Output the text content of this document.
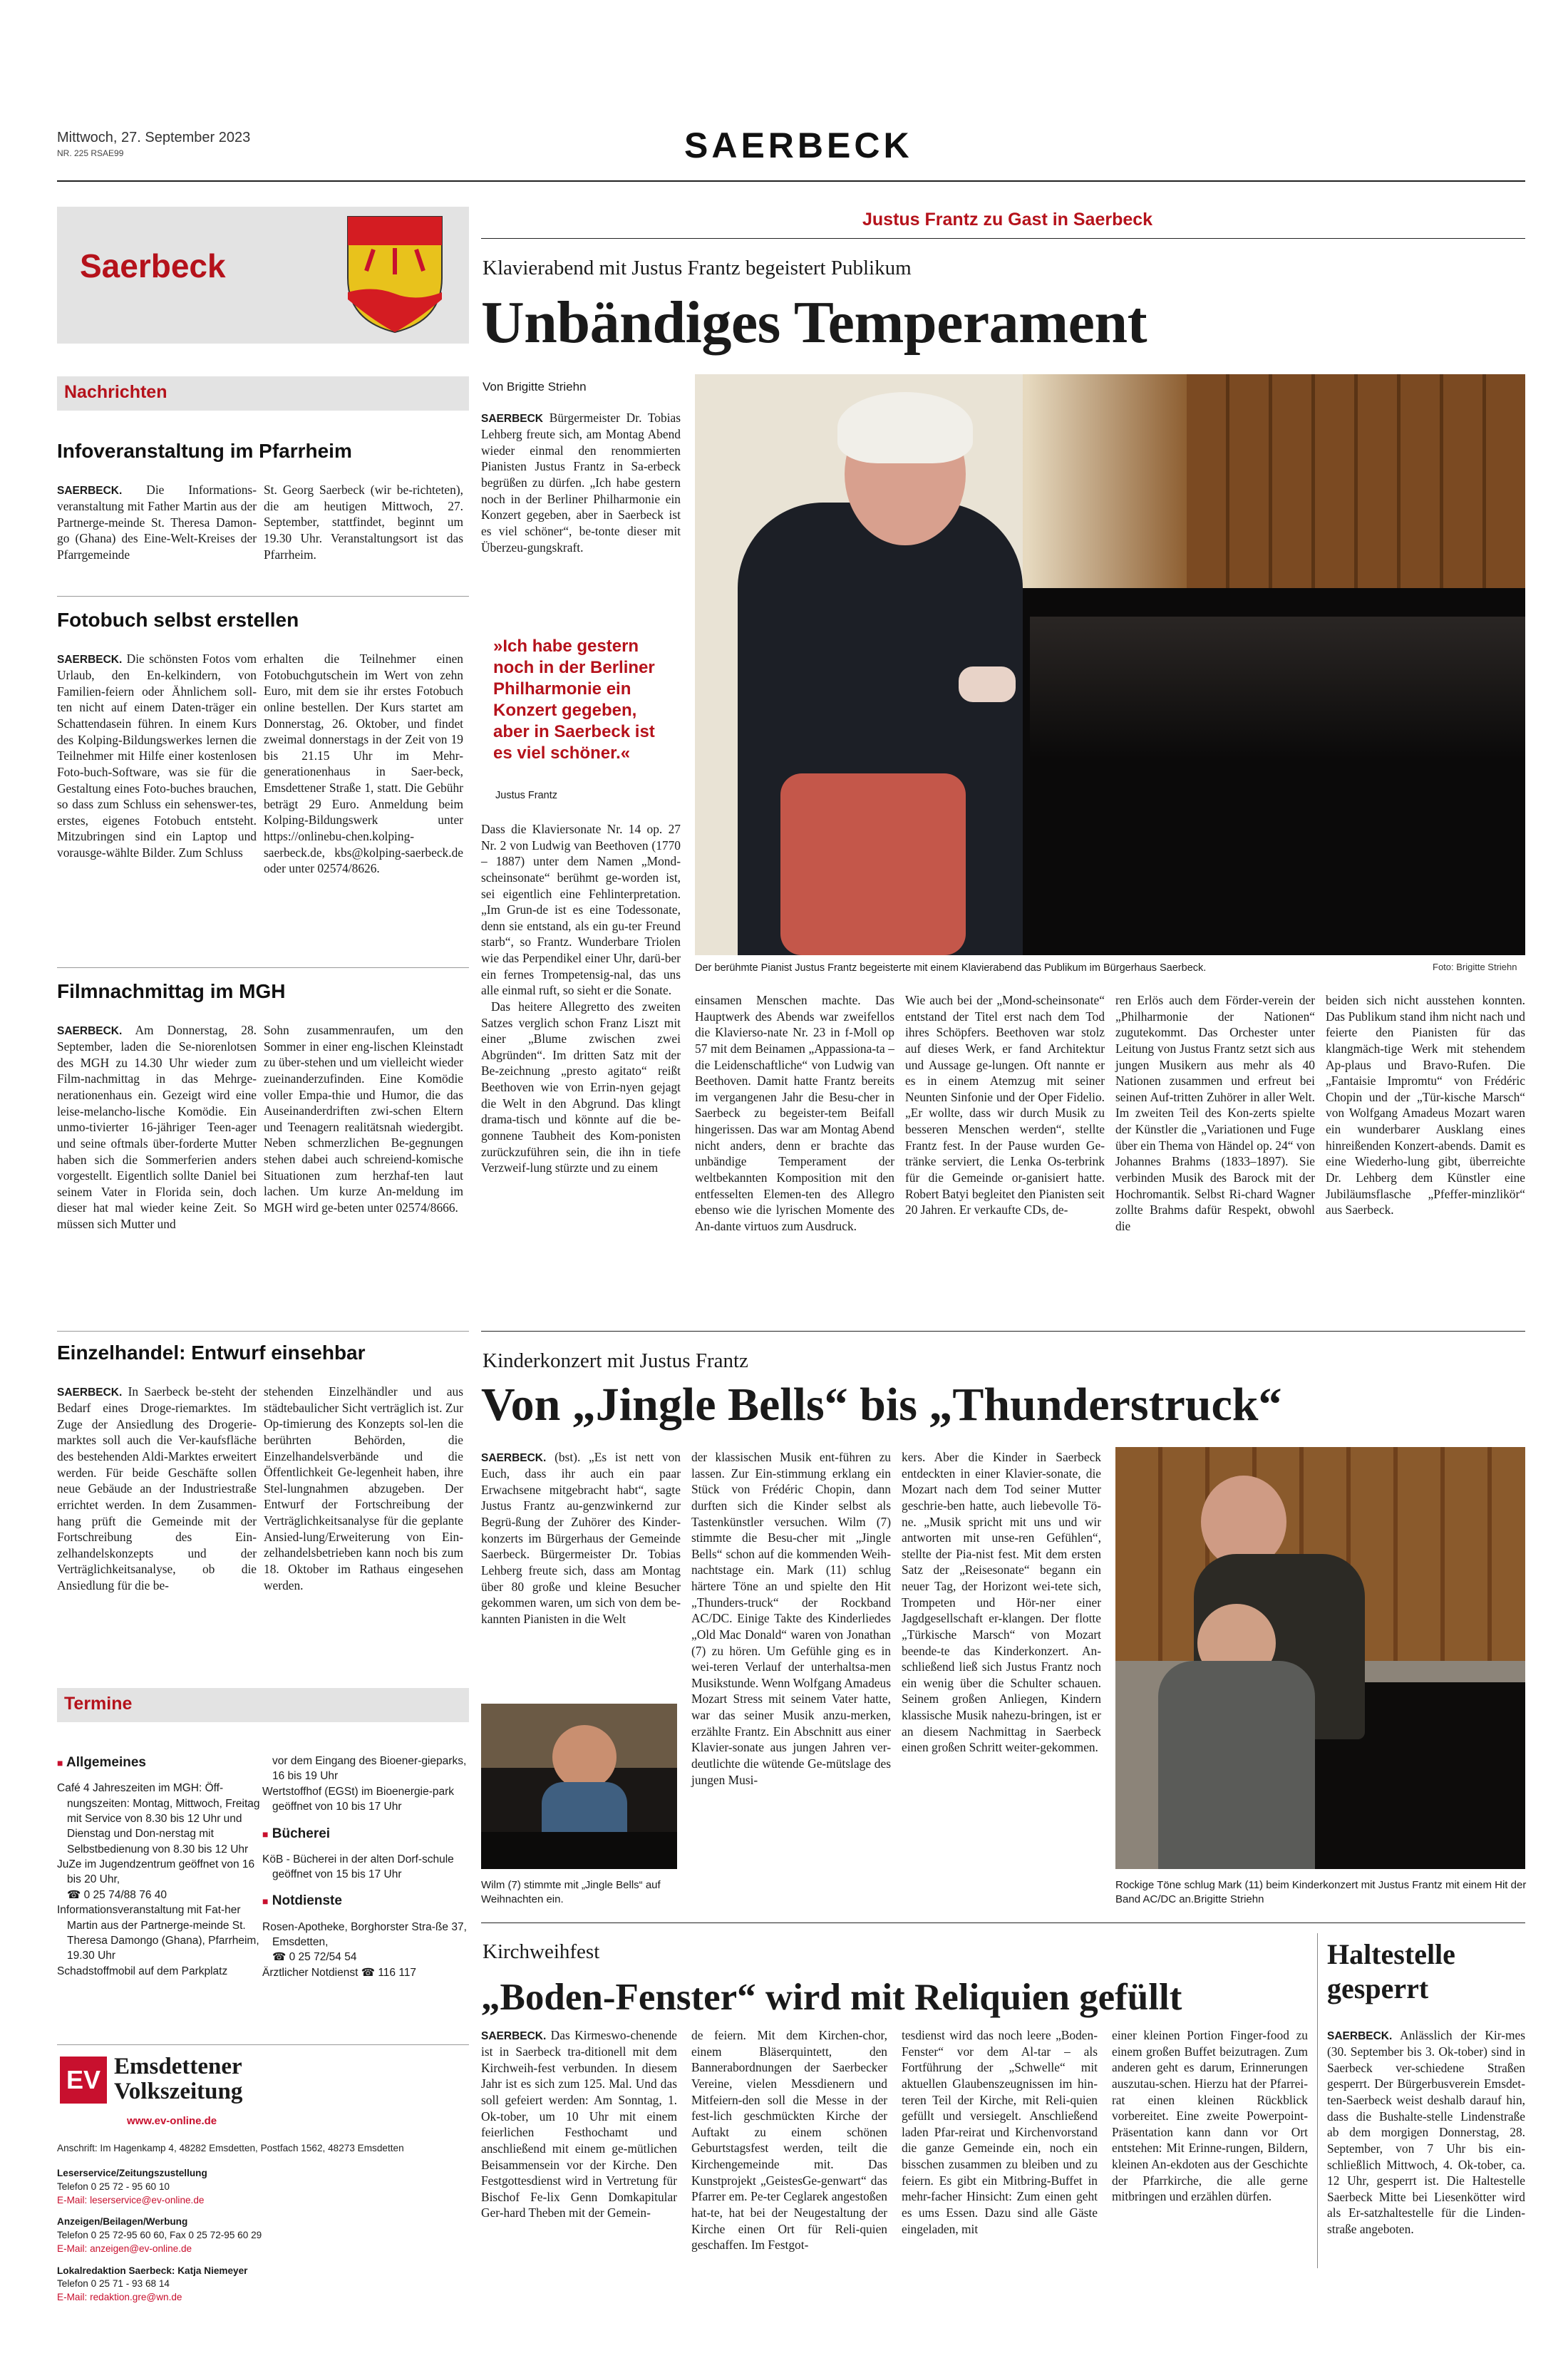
Mittwoch, 27. September 2023
NR. 225 RSAE99	SAERBECK
Saerbeck
Nachrichten
Infoveranstaltung im Pfarrheim

SAERBECK. Die Informations-veranstaltung mit Father Martin aus der Partnerge-meinde St. Theresa Damon-go (Ghana) des Eine-Welt-Kreises der Pfarrgemeinde

St. Georg Saerbeck (wir be-richteten), die am heutigen Mittwoch, 27. September, stattfindet, beginnt um 19.30 Uhr. Veranstaltungsort ist das Pfarrheim.

Fotobuch selbst erstellen

SAERBECK. Die schönsten Fotos vom Urlaub, den En-kelkindern, von Familien-feiern oder Ähnlichem soll-ten nicht auf einem Daten-träger ein Schattendasein führen. In einem Kurs des Kolping-Bildungswerkes lernen die Teilnehmer mit Hilfe einer kostenlosen Foto-buch-Software, was sie für die Gestaltung eines Foto-buches brauchen, so dass zum Schluss ein sehenswer-tes, erstes, eigenes Fotobuch entsteht. Mitzubringen sind ein Laptop und vorausge-wählte Bilder. Zum Schluss

erhalten die Teilnehmer einen Fotobuchgutschein im Wert von zehn Euro, mit dem sie ihr erstes Fotobuch online bestellen. Der Kurs startet am Donnerstag, 26. Oktober, und findet zweimal donnerstags in der Zeit von 19 bis 21.15 Uhr im Mehr-generationenhaus in Saer-beck, Emsdettener Straße 1, statt. Die Gebühr beträgt 29 Euro. Anmeldung beim Kolping-Bildungswerk unter https://onlinebu-chen.kolping-saerbeck.de, kbs@kolping-saerbeck.de oder unter 02574/8626.

Filmnachmittag im MGH

SAERBECK. Am Donnerstag, 28. September, laden die Se-niorenlotsen des MGH zu 14.30 Uhr wieder zum Film-nachmittag in das Mehrge-nerationenhaus ein. Gezeigt wird eine leise-melancho-lische Komödie. Ein unmo-tivierter 16-jähriger Teen-ager und seine oftmals über-forderte Mutter haben sich die Sommerferien anders vorgestellt. Eigentlich sollte Daniel bei seinem Vater in Florida sein, doch dieser hat mal wieder keine Zeit. So müssen sich Mutter und

Sohn zusammenraufen, um den Sommer in einer eng-lischen Kleinstadt zu über-stehen und um vielleicht wieder zueinanderzufinden. Eine Komödie voller Empa-thie und Humor, die das Auseinanderdriften zwi-schen Eltern und Teenagern realitätsnah wiedergibt. Neben schmerzlichen Be-gegnungen stehen dabei auch schreiend-komische Situationen zum herzhaf-ten laut lachen. Um kurze An-meldung im MGH wird ge-beten unter 02574/8666.

Einzelhandel: Entwurf einsehbar

SAERBECK. In Saerbeck be-steht der Bedarf eines Droge-riemarktes. Im Zuge der Ansiedlung des Drogerie-marktes soll auch die Ver-kaufsfläche des bestehenden Aldi-Marktes erweitert werden. Für beide Geschäfte sollen neue Gebäude an der Industriestraße errichtet werden. In dem Zusammen-hang prüft die Gemeinde mit der Fortschreibung des Ein-zelhandelskonzepts und der Verträglichkeitsanalyse, ob die Ansiedlung für die be-

stehenden Einzelhändler und aus städtebaulicher Sicht verträglich ist. Zur Op-timierung des Konzepts sol-len die berührten Behörden, die Einzelhandelsverbände und die Öffentlichkeit Ge-legenheit haben, ihre Stel-lungnahmen abzugeben. Der Entwurf der Fortschreibung der Verträglichkeitsanalyse für die geplante Ansied-lung/Erweiterung von Ein-zelhandelsbetrieben kann noch bis zum 18. Oktober im Rathaus eingesehen werden.

Termine
■ Allgemeines
Café 4 Jahreszeiten im MGH: Öff-nungszeiten: Montag, Mittwoch, Freitag mit Service von 8.30 bis 12 Uhr und Dienstag und Don-nerstag mit Selbstbedienung von 8.30 bis 12 Uhr
JuZe im Jugendzentrum geöffnet von 16 bis 20 Uhr,
☎ 0 25 74/88 76 40
Informationsveranstaltung mit Fat-her Martin aus der Partnerge-meinde St. Theresa Damongo (Ghana), Pfarrheim, 19.30 Uhr
Schadstoffmobil auf dem Parkplatz
vor dem Eingang des Bioener-gieparks, 16 bis 19 Uhr
Wertstoffhof (EGSt) im Bioenergie-park geöffnet von 10 bis 17 Uhr
■ Bücherei
KöB - Bücherei in der alten Dorf-schule geöffnet von 15 bis 17 Uhr
■ Notdienste
Rosen-Apotheke, Borghorster Stra-ße 37, Emsdetten,
☎ 0 25 72/54 54
Ärztlicher Notdienst ☎ 116 117
EV Emsdettener
Volkszeitung
www.ev-online.de
Anschrift: Im Hagenkamp 4, 48282 Emsdetten, Postfach 1562, 48273 Emsdetten
Leserservice/Zeitungszustellung
Telefon 0 25 72 - 95 60 10
E-Mail: leserservice@ev-online.de
Anzeigen/Beilagen/Werbung
Telefon 0 25 72-95 60 60, Fax 0 25 72-95 60 29
E-Mail: anzeigen@ev-online.de
Lokalredaktion Saerbeck: Katja Niemeyer
Telefon 0 25 71 - 93 68 14
E-Mail: redaktion.gre@wn.de
Justus Frantz zu Gast in Saerbeck
Klavierabend mit Justus Frantz begeistert Publikum
Unbändiges Temperament
Von Brigitte Striehn

SAERBECK Bürgermeister Dr. Tobias Lehberg freute sich, am Montag Abend wieder einmal den renommierten Pianisten Justus Frantz in Sa-erbeck begrüßen zu dürfen. „Ich habe gestern noch in der Berliner Philharmonie ein Konzert gegeben, aber in Saerbeck ist es viel schöner“, be-tonte dieser mit Überzeu-gungskraft.

»Ich habe gestern noch in der Berliner Philharmonie ein Konzert gegeben, aber in Saerbeck ist es viel schöner.«
Justus Frantz

Dass die Klaviersonate Nr. 14 op. 27 Nr. 2 von Ludwig van Beethoven (1770 – 1887) unter dem Namen „Mond-scheinsonate“ berühmt ge-worden ist, sei eigentlich eine Fehlinterpretation. „Im Grun-de ist es eine Todessonate, denn sie entstand, als ein gu-ter Freund starb“, so Frantz. Wunderbare Triolen wie das Perpendikel einer Uhr, darü-ber ein fernes Trompetensig-nal, das uns alle einmal ruft, so sieht er die Sonate.

Das heitere Allegretto des zweiten Satzes verglich schon Franz Liszt mit einer „Blume zwischen zwei Abgründen“. Im dritten Satz mit der Be-zeichnung „presto agitato“ reißt Beethoven wie von Errin-nyen gejagt die Welt in den Abgrund. Das klingt drama-tisch und könnte auf die be-gonnene Taubheit des Kom-ponisten zurückzuführen sein, die ihn in tiefe Verzweif-lung stürzte und zu einem

Der berühmte Pianist Justus Frantz begeisterte mit einem Klavierabend das Publikum im Bürgerhaus Saerbeck.	Foto: Brigitte Striehn

einsamen Menschen machte. Das Hauptwerk des Abends war zweifellos die Klavierso-nate Nr. 23 in f-Moll op 57 mit dem Beinamen „Appassiona-ta – die Leidenschaftliche“ von Ludwig van Beethoven. Damit hatte Frantz bereits im vergangenen Jahr die Besu-cher in Saerbeck zu begeister-tem Beifall hingerissen. Das war am Montag Abend nicht anders, denn er brachte das unbändige Temperament der weltbekannten Komposition mit den entfesselten Elemen-ten des Allegro ebenso wie die lyrischen Momente des An-dante virtuos zum Ausdruck.

Wie auch bei der „Mond-scheinsonate“ entstand der Titel erst nach dem Tod ihres Schöpfers. Beethoven war stolz auf dieses Werk, er fand Architektur und Aussage ge-lungen. Oft nannte er es in einem Atemzug mit seiner Neunten Sinfonie und der Oper Fidelio. „Er wollte, dass wir durch Musik zu besseren Menschen werden“, stellte Frantz fest. In der Pause wurden Ge-tränke serviert, die Lenka Os-terbrink für die Gemeinde or-ganisiert hatte. Robert Batyi begleitet den Pianisten seit 20 Jahren. Er verkaufte CDs, de-

ren Erlös auch dem Förder-verein der „Philharmonie der Nationen“ zugutekommt. Das Orchester unter Leitung von Justus Frantz setzt sich aus jungen Musikern aus mehr als 40 Nationen zusammen und erfreut bei seinen Auf-tritten Zuhörer in aller Welt. Im zweiten Teil des Kon-zerts spielte der Künstler die „Variationen und Fuge über ein Thema von Händel op. 24“ von Johannes Brahms (1833–1897). Sie verbinden Musik des Barock mit der Hochromantik. Selbst Ri-chard Wagner zollte Brahms dafür Respekt, obwohl die

beiden sich nicht ausstehen konnten. Das Publikum stand ihm nicht nach und feierte den Pianisten für das klangmäch-tige Werk mit stehendem Ap-plaus und Bravo-Rufen. Die „Fantaisie Impromtu“ von Frédéric Chopin und der „Tür-kische Marsch“ von Wolfgang Amadeus Mozart waren ein wunderbarer Ausklang eines hinreißenden Konzert-abends. Damit es eine Wiederho-lung gibt, überreichte Dr. Lehberg dem Künstler eine Jubiläumsflasche „Pfeffer-minzlikör“ aus Saerbeck.

Kinderkonzert mit Justus Frantz
Von „Jingle Bells“ bis „Thunderstruck“

SAERBECK. (bst). „Es ist nett von Euch, dass ihr auch ein paar Erwachsene mitgebracht habt“, sagte Justus Frantz au-genzwinkernd zur Begrü-ßung der Zuhörer des Kinder-konzerts im Bürgerhaus der Gemeinde Saerbeck. Bürgermeister Dr. Tobias Lehberg freute sich, dass am Montag über 80 große und kleine Besucher gekommen waren, um sich von dem be-kannten Pianisten in die Welt

der klassischen Musik ent-führen zu lassen. Zur Ein-stimmung erklang ein Stück von Frédéric Chopin, dann durften sich die Kinder selbst als Tastenkünstler versuchen. Wilm (7) stimmte die Besu-cher mit „Jingle Bells“ schon auf die kommenden Weih-nachtstage ein. Mark (11) schlug härtere Töne an und spielte den Hit „Thunders-truck“ der Rockband AC/DC. Einige Takte des Kinderliedes „Old Mac Donald“ waren von Jonathan (7) zu hören. Um Gefühle ging es in wei-teren Verlauf der unterhaltsa-men Musikstunde. Wenn Wolfgang Amadeus Mozart Stress mit seinem Vater hatte, war das seiner Musik anzu-merken, erzählte Frantz. Ein Abschnitt aus einer Klavier-sonate aus jungen Jahren ver-deutlichte die wütende Ge-mütslage des jungen Musi-

kers. Aber die Kinder in Saerbeck entdeckten in einer Klavier-sonate, die Mozart nach dem Tod seiner Mutter geschrie-ben hatte, auch liebevolle Tö-ne. „Musik spricht mit uns und wir antworten mit unse-ren Gefühlen“, stellte der Pia-nist fest. Mit dem ersten Satz der „Reisesonate“ begann ein neuer Tag, der Horizont wei-tete sich, Trompeten und Hör-ner einer Jagdgesellschaft er-klangen. Der flotte „Türkische Marsch“ von Mozart beende-te das Kinderkonzert. An-schließend ließ sich Justus Frantz noch ein wenig über die Schulter schauen. Seinem großen Anliegen, Kindern klassische Musik nahezu-bringen, ist er an diesem Nachmittag in Saerbeck einen großen Schritt weiter-gekommen.

Wilm (7) stimmte mit „Jingle Bells“ auf Weihnachten ein.
Rockige Töne schlug Mark (11) beim Kinderkonzert mit Justus Frantz mit einem Hit der Band AC/DC an.Brigitte Striehn
Kirchweihfest
„Boden-Fenster“ wird mit Reliquien gefüllt

SAERBECK. Das Kirmeswo-chenende ist in Saerbeck tra-ditionell mit dem Kirchweih-fest verbunden. In diesem Jahr ist es sich zum 125. Mal. Und das soll gefeiert werden: Am Sonntag, 1. Ok-tober, um 10 Uhr mit einem feierlichen Festhochamt und anschließend mit einem ge-mütlichen Beisammensein vor der Kirche. Den Festgottesdienst wird in Vertretung für Bischof Fe-lix Genn Domkapitular Ger-hard Theben mit der Gemein-

de feiern. Mit dem Kirchen-chor, einem Bläserquintett, den Bannerabordnungen der Saerbecker Vereine, vielen Messdienern und Mitfeiern-den soll die Messe in der fest-lich geschmückten Kirche der Auftakt zu einem schönen Geburtstagsfest werden, teilt die Kirchengemeinde mit. Das Kunstprojekt „GeistesGe-genwart“ das Pfarrer em. Pe-ter Ceglarek angestoßen hat-te, hat bei der Neugestaltung der Kirche einen Ort für Reli-quien geschaffen. Im Festgot-

tesdienst wird das noch leere „Boden-Fenster“ vor dem Al-tar – als Fortführung der „Schwelle“ mit aktuellen Glaubenszeugnissen im hin-teren Teil der Kirche, mit Reli-quien gefüllt und versiegelt. Anschließend laden Pfar-reirat und Kirchenvorstand die ganze Gemeinde ein, noch ein bisschen zusammen zu bleiben und zu feiern. Es gibt ein Mitbring-Buffet in mehr-facher Hinsicht: Zum einen geht es ums Essen. Dazu sind alle Gäste eingeladen, mit

einer kleinen Portion Finger-food zu einem großen Buffet beizutragen. Zum anderen geht es darum, Erinnerungen auszutau-schen. Hierzu hat der Pfarrei-rat einen kleinen Rückblick vorbereitet. Eine zweite Powerpoint-Präsentation kann dann vor Ort entstehen: Mit Erinne-rungen, Bildern, kleinen An-ekdoten aus der Geschichte der Pfarrkirche, die alle gerne mitbringen und erzählen dürfen.

Haltestelle gesperrt

SAERBECK. Anlässlich der Kir-mes (30. September bis 3. Ok-tober) sind in Saerbeck ver-schiedene Straßen gesperrt. Der Bürgerbusverein Emsdet-ten-Saerbeck weist deshalb darauf hin, dass die Bushalte-stelle Lindenstraße ab dem morgigen Donnerstag, 28. September, von 7 Uhr bis ein-schließlich Mittwoch, 4. Ok-tober, ca. 12 Uhr, gesperrt ist. Die Haltestelle Saerbeck Mitte bei Liesenkötter wird als Er-satzhaltestelle für die Linden-straße angeboten.
